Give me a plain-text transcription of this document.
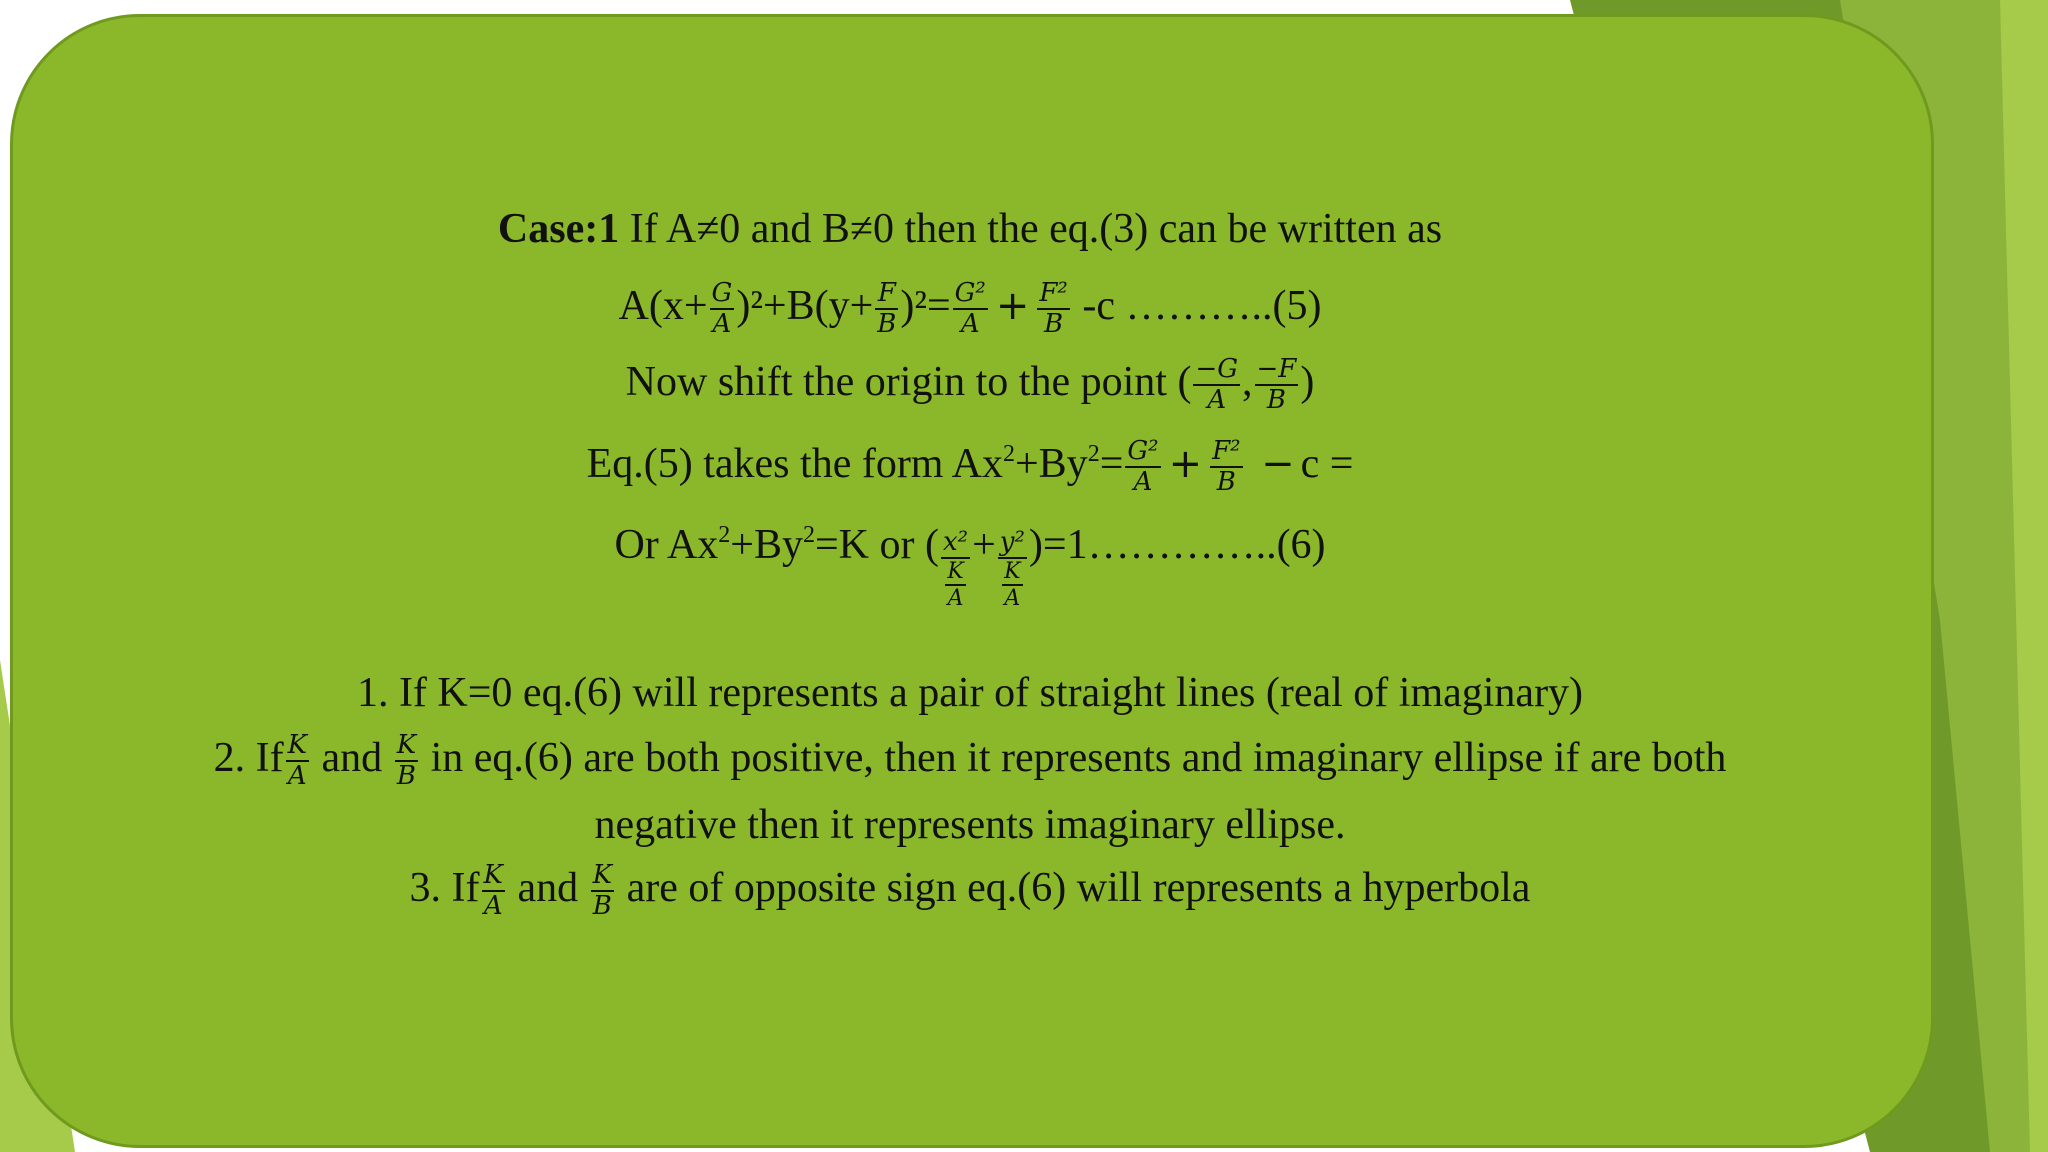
Case:1 If A≠0 and B≠0 then the eq.(3) can be written as
$A(x+ \frac{G}{A} )^2+B(y+ \frac{F}{B} )^2= \frac{\text{G²}}{A} + \frac{\text{F²}}{B} -c$ ………..(5)
Now shift the origin to the point ( $\frac{-G}{A}$ , $\frac{-F}{B}$ )
Eq.(5) takes the form $Ax^2+By^2= \frac{\text{G²}}{A} + \frac{\text{F²}}{B} - c$ =
Or $Ax^2+By^2=K$ or ( $\frac{\text{x²}}{\frac{K}{A}} + \frac{\text{y²}}{\frac{K}{A}}$ )=1…………..(6)
1. If K=0 eq.(6) will represents a pair of straight lines (real of imaginary)
2. If $\frac{K}{A}$ and $\frac{K}{B}$ in eq.(6) are both positive, then it represents and imaginary ellipse if are both
negative then it represents imaginary ellipse.
3. If $\frac{K}{A}$ and $\frac{K}{B}$ are of opposite sign eq.(6) will represents a hyperbola
